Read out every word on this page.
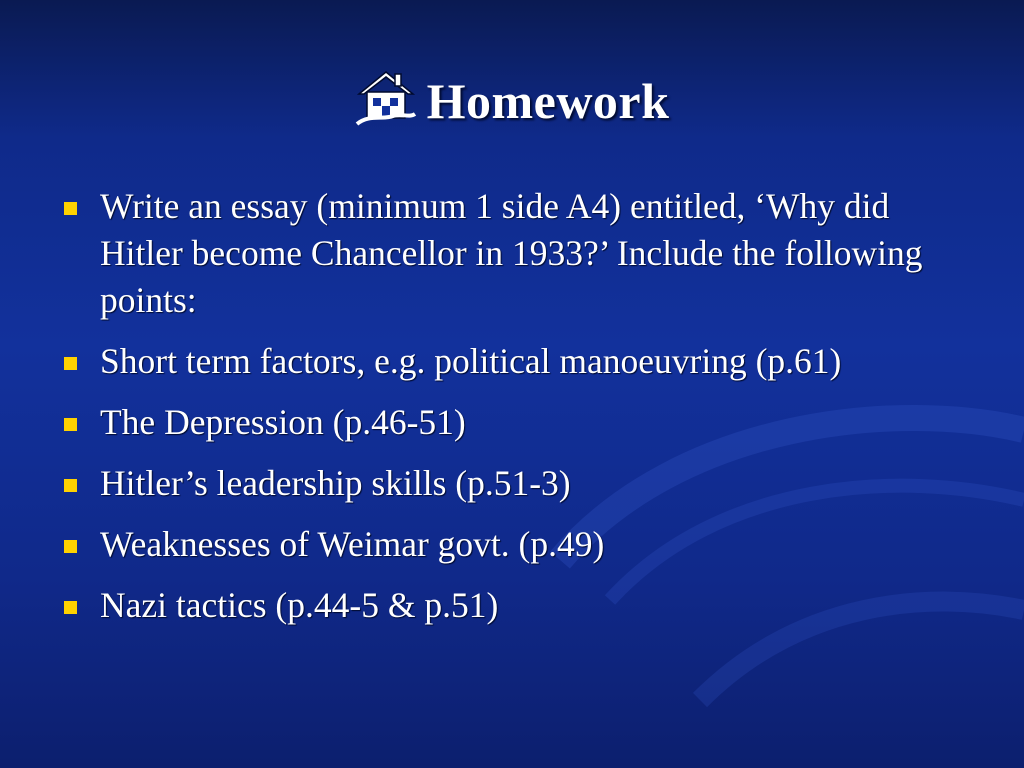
Homework
Write an essay (minimum 1 side A4) entitled, ‘Why did Hitler become Chancellor in 1933?’ Include the following points:
Short term factors, e.g. political manoeuvring (p.61)
The Depression (p.46-51)
Hitler’s leadership skills (p.51-3)
Weaknesses of Weimar govt. (p.49)
Nazi tactics (p.44-5 & p.51)
